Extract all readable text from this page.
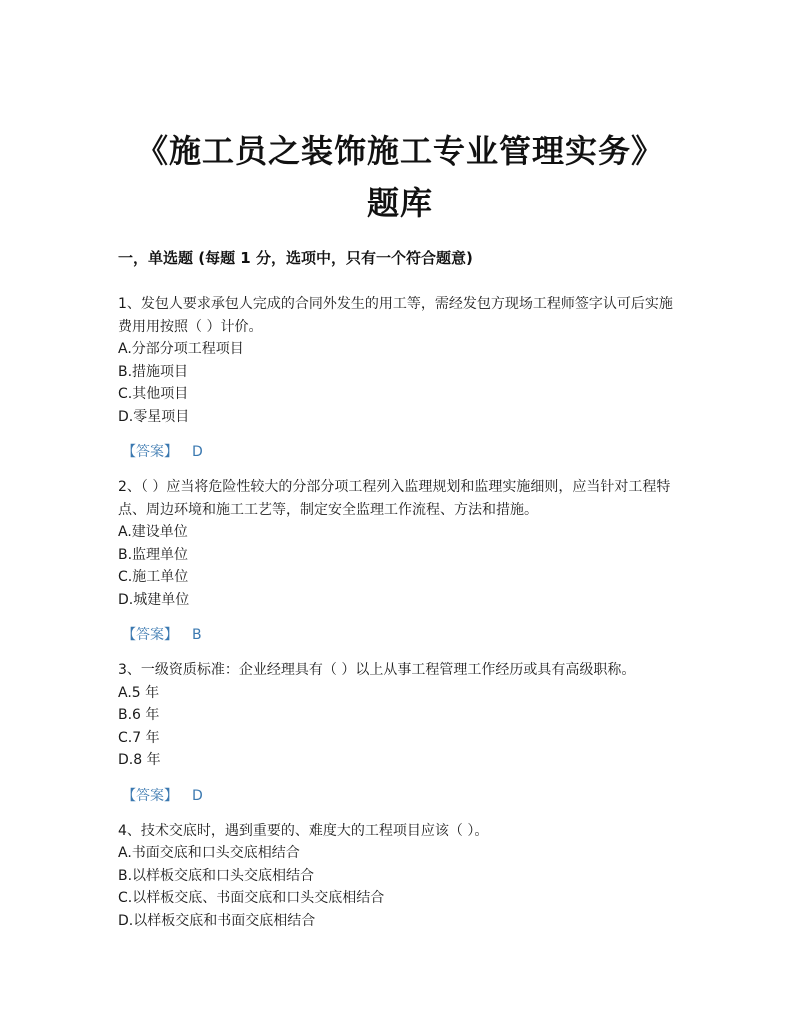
《施工员之装饰施工专业管理实务》
题库
一，单选题 (每题 1 分，选项中，只有一个符合题意)

1、发包人要求承包人完成的合同外发生的用工等，需经发包方现场工程师签字认可后实施费用用按照（ ）计价。

A.分部分项工程项目

B.措施项目

C.其他项目

D.零星项目

【答案】 D

2、（ ）应当将危险性较大的分部分项工程列入监理规划和监理实施细则，应当针对工程特点、周边环境和施工工艺等，制定安全监理工作流程、方法和措施。

A.建设单位

B.监理单位

C.施工单位

D.城建单位

【答案】 B

3、一级资质标准：企业经理具有（ ）以上从事工程管理工作经历或具有高级职称。

A.5 年

B.6 年

C.7 年

D.8 年

【答案】 D

4、技术交底时，遇到重要的、难度大的工程项目应该（ ）。

A.书面交底和口头交底相结合

B.以样板交底和口头交底相结合

C.以样板交底、书面交底和口头交底相结合

D.以样板交底和书面交底相结合
